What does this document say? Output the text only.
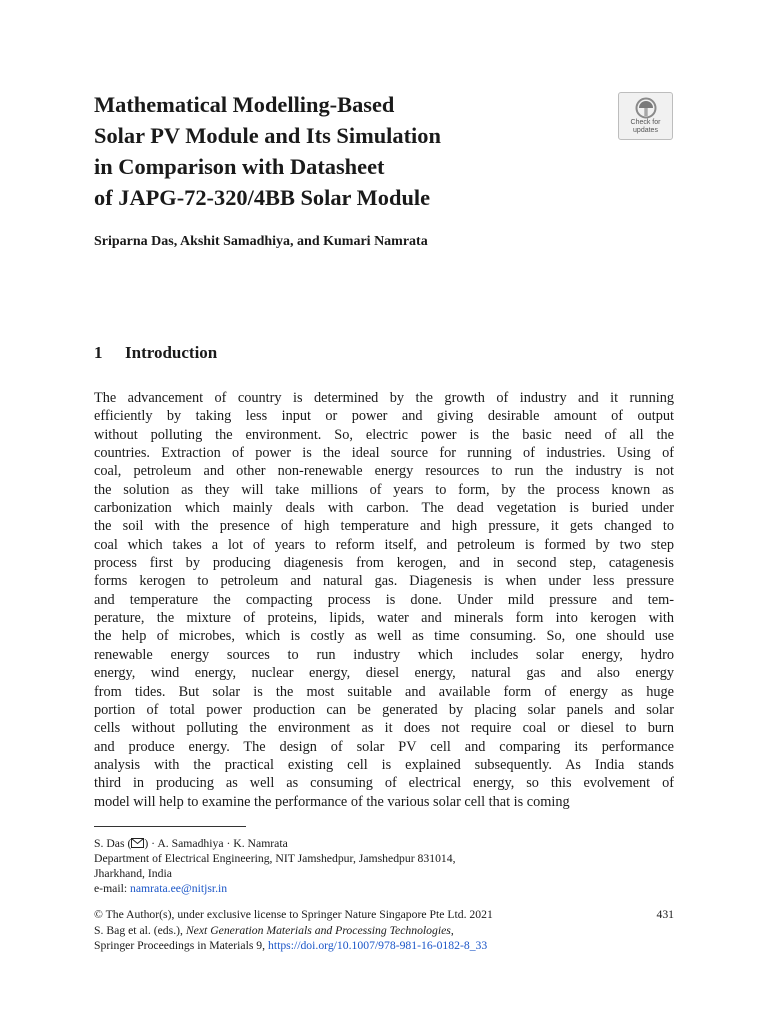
Mathematical Modelling-Based
Solar PV Module and Its Simulation
in Comparison with Datasheet
of JAPG-72-320/4BB Solar Module
Check for
updates
Sriparna Das, Akshit Samadhiya, and Kumari Namrata
1 Introduction
The advancement of country is determined by the growth of industry and it running
efficiently by taking less input or power and giving desirable amount of output
without polluting the environment. So, electric power is the basic need of all the
countries. Extraction of power is the ideal source for running of industries. Using of
coal, petroleum and other non-renewable energy resources to run the industry is not
the solution as they will take millions of years to form, by the process known as
carbonization which mainly deals with carbon. The dead vegetation is buried under
the soil with the presence of high temperature and high pressure, it gets changed to
coal which takes a lot of years to reform itself, and petroleum is formed by two step
process first by producing diagenesis from kerogen, and in second step, catagenesis
forms kerogen to petroleum and natural gas. Diagenesis is when under less pressure
and temperature the compacting process is done. Under mild pressure and tem-
perature, the mixture of proteins, lipids, water and minerals form into kerogen with
the help of microbes, which is costly as well as time consuming. So, one should use
renewable energy sources to run industry which includes solar energy, hydro
energy, wind energy, nuclear energy, diesel energy, natural gas and also energy
from tides. But solar is the most suitable and available form of energy as huge
portion of total power production can be generated by placing solar panels and solar
cells without polluting the environment as it does not require coal or diesel to burn
and produce energy. The design of solar PV cell and comparing its performance
analysis with the practical existing cell is explained subsequently. As India stands
third in producing as well as consuming of electrical energy, so this evolvement of
model will help to examine the performance of the various solar cell that is coming
S. Das ( ) · A. Samadhiya · K. Namrata
Department of Electrical Engineering, NIT Jamshedpur, Jamshedpur 831014,
Jharkhand, India
e-mail: namrata.ee@nitjsr.in
© The Author(s), under exclusive license to Springer Nature Singapore Pte Ltd. 2021
S. Bag et al. (eds.), Next Generation Materials and Processing Technologies,
Springer Proceedings in Materials 9, https://doi.org/10.1007/978-981-16-0182-8_33
431
